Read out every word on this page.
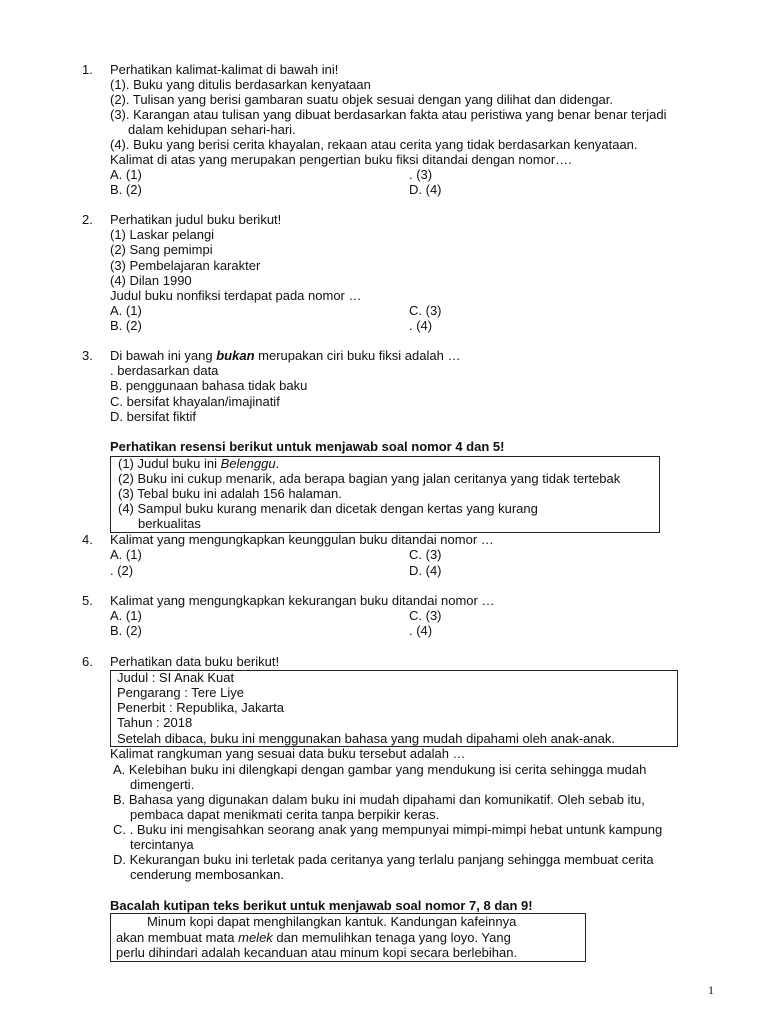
1. Perhatikan kalimat-kalimat di bawah ini!
(1). Buku yang ditulis berdasarkan kenyataan
(2). Tulisan yang berisi gambaran suatu objek sesuai dengan yang dilihat dan didengar.
(3). Karangan atau tulisan yang dibuat berdasarkan fakta atau peristiwa yang benar benar terjadi
dalam kehidupan sehari-hari.
(4). Buku yang berisi cerita khayalan, rekaan atau cerita yang tidak berdasarkan kenyataan.
Kalimat di atas yang merupakan pengertian buku fiksi ditandai dengan nomor….
A. (1)	. (3)
B. (2)	D. (4)
2. Perhatikan judul buku berikut!
(1) Laskar pelangi
(2) Sang pemimpi
(3) Pembelajaran karakter
(4) Dilan 1990
Judul buku nonfiksi terdapat pada nomor …
A. (1)	C. (3)
B. (2)	. (4)
3. Di bawah ini yang bukan merupakan ciri buku fiksi adalah …
. berdasarkan data
B. penggunaan bahasa tidak baku
C. bersifat khayalan/imajinatif
D. bersifat fiktif
Perhatikan resensi berikut untuk menjawab soal nomor 4 dan 5!
(1) Judul buku ini Belenggu.
(2) Buku ini cukup menarik, ada berapa bagian yang jalan ceritanya yang tidak tertebak
(3) Tebal buku ini adalah 156 halaman.
(4) Sampul buku kurang menarik dan dicetak dengan kertas yang kurang
berkualitas
4. Kalimat yang mengungkapkan keunggulan buku ditandai nomor …
A. (1)	C. (3)
. (2)	D. (4)
5. Kalimat yang mengungkapkan kekurangan buku ditandai nomor …
A. (1)	C. (3)
B. (2)	. (4)
6. Perhatikan data buku berikut!
Judul : SI Anak Kuat
Pengarang : Tere Liye
Penerbit : Republika, Jakarta
Tahun : 2018
Setelah dibaca, buku ini menggunakan bahasa yang mudah dipahami oleh anak-anak.
Kalimat rangkuman yang sesuai data buku tersebut adalah …
A. Kelebihan buku ini dilengkapi dengan gambar yang mendukung isi cerita sehingga mudah
dimengerti.
B. Bahasa yang digunakan dalam buku ini mudah dipahami dan komunikatif. Oleh sebab itu,
pembaca dapat menikmati cerita tanpa berpikir keras.
C. . Buku ini mengisahkan seorang anak yang mempunyai mimpi-mimpi hebat untunk kampung
tercintanya
D. Kekurangan buku ini terletak pada ceritanya yang terlalu panjang sehingga membuat cerita
cenderung membosankan.
Bacalah kutipan teks berikut untuk menjawab soal nomor 7, 8 dan 9!
Minum kopi dapat menghilangkan kantuk. Kandungan kafeinnya
akan membuat mata melek dan memulihkan tenaga yang loyo. Yang
perlu dihindari adalah kecanduan atau minum kopi secara berlebihan.
1
